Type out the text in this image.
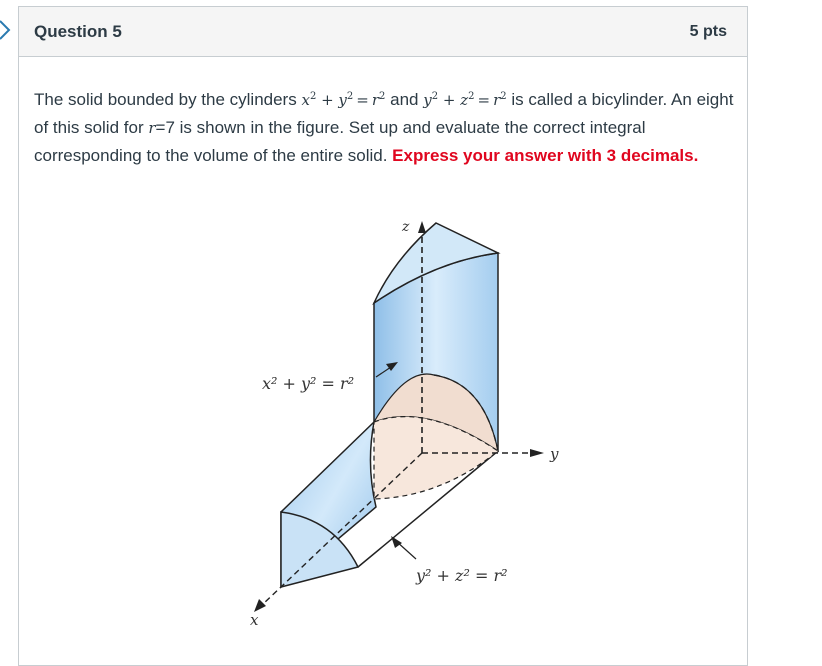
Question 5	5 pts
The solid bounded by the cylinders $x^2 + y^2 = r^2$ and $y^2 + z^2 = r^2$ is called a bicylinder. An eight of this solid for r=7 is shown in the figure. Set up and evaluate the correct integral corresponding to the volume of the entire solid. Express your answer with 3 decimals.
z
y
x
x² + y² = r²
y² + z² = r²
